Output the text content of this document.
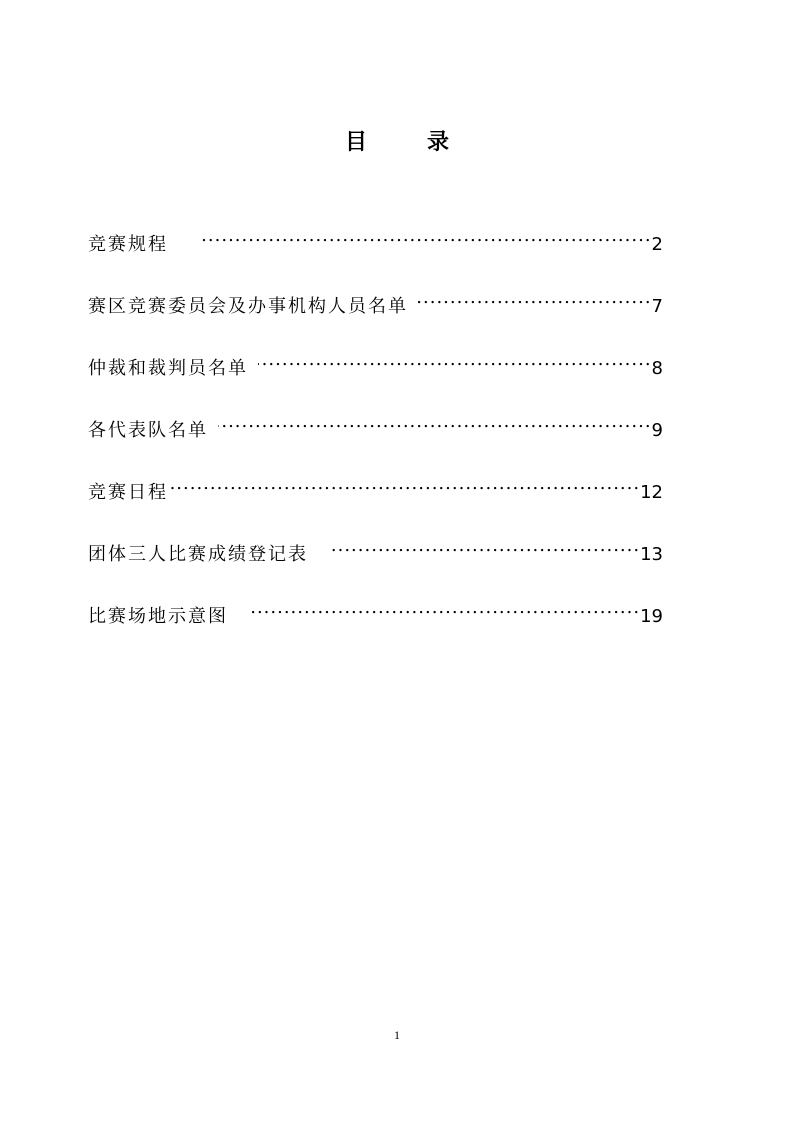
目录
竞赛规程 .....	2
赛区竞赛委员会及办事机构人员名单 .....	7
仲裁和裁判员名单 .....	8
各代表队名单 .....	9
竞赛日程 .....	12
团体三人比赛成绩登记表 .....	13
比赛场地示意图 .....	19
1
